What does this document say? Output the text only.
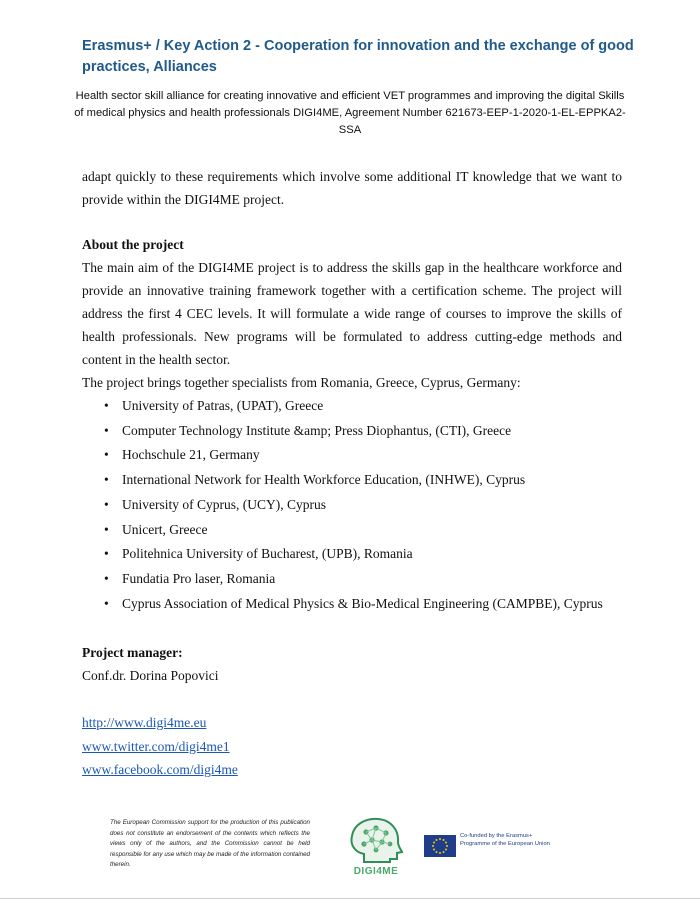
Erasmus+ / Key Action 2 - Cooperation for innovation and the exchange of good practices, Alliances
Health sector skill alliance for creating innovative and efficient VET programmes and improving the digital Skills of medical physics and health professionals DIGI4ME, Agreement Number 621673-EEP-1-2020-1-EL-EPPKA2-SSA

adapt quickly to these requirements which involve some additional IT knowledge that we want to provide within the DIGI4ME project.

About the project

The main aim of the DIGI4ME project is to address the skills gap in the healthcare workforce and provide an innovative training framework together with a certification scheme. The project will address the first 4 CEC levels. It will formulate a wide range of courses to improve the skills of health professionals. New programs will be formulated to address cutting-edge methods and content in the health sector.

The project brings together specialists from Romania, Greece, Cyprus, Germany:

• University of Patras, (UPAT), Greece
• Computer Technology Institute &amp; Press Diophantus, (CTI), Greece
• Hochschule 21, Germany
• International Network for Health Workforce Education, (INHWE), Cyprus
• University of Cyprus, (UCY), Cyprus
• Unicert, Greece
• Politehnica University of Bucharest, (UPB), Romania
• Fundatia Pro laser, Romania
• Cyprus Association of Medical Physics & Bio-Medical Engineering (CAMPBE), Cyprus
Project manager:
Conf.dr. Dorina Popovici
http://www.digi4me.eu
www.twitter.com/digi4me1
www.facebook.com/digi4me
The European Commission support for the production of this publication does not constitute an endorsement of the contents which reflects the views only of the authors, and the Commission cannot be held responsible for any use which may be made of the information contained therein.
DIGI4ME
Co-funded by the Erasmus+ Programme of the European Union
